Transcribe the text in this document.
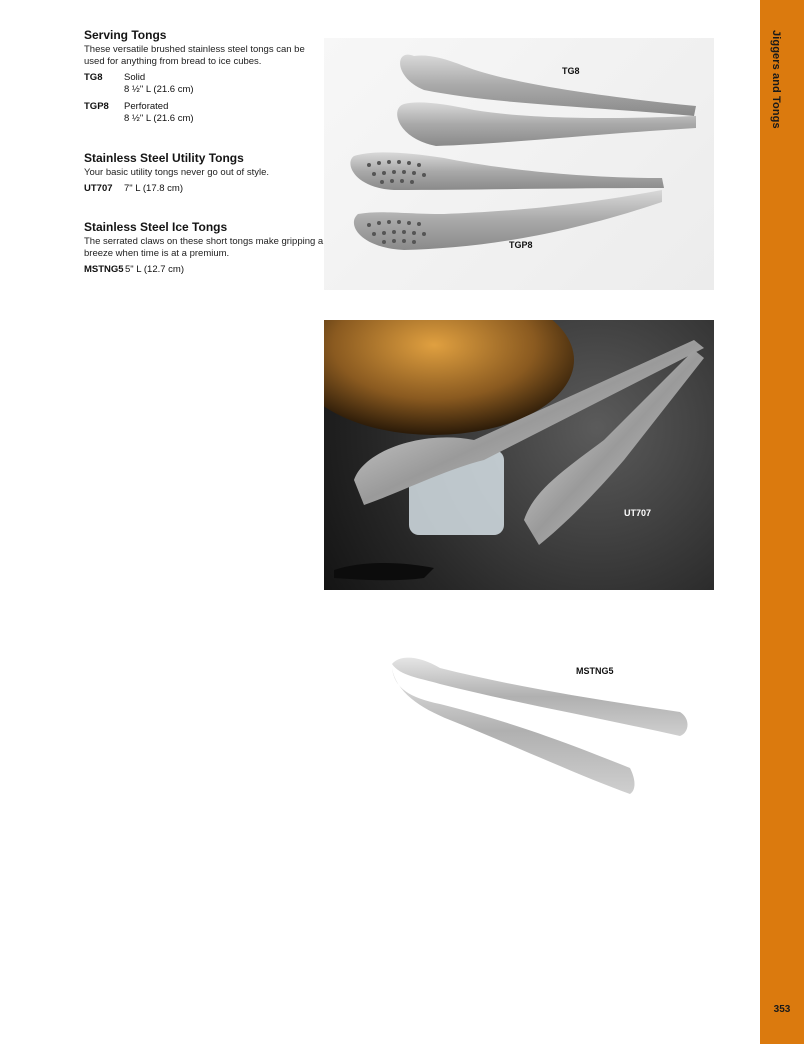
Jiggers and Tongs
353
Serving Tongs

These versatile brushed stainless steel tongs can be used for anything from bread to ice cubes.

TG8	Solid
8 ½" L (21.6 cm)
TGP8	Perforated
8 ½" L (21.6 cm)
Stainless Steel Utility Tongs

Your basic utility tongs never go out of style.

UT707	7" L (17.8 cm)
Stainless Steel Ice Tongs

The serrated claws on these short tongs make gripping a breeze when time is at a premium.

MSTNG5 5" L (12.7 cm)
TG8
TGP8
UT707
MSTNG5
